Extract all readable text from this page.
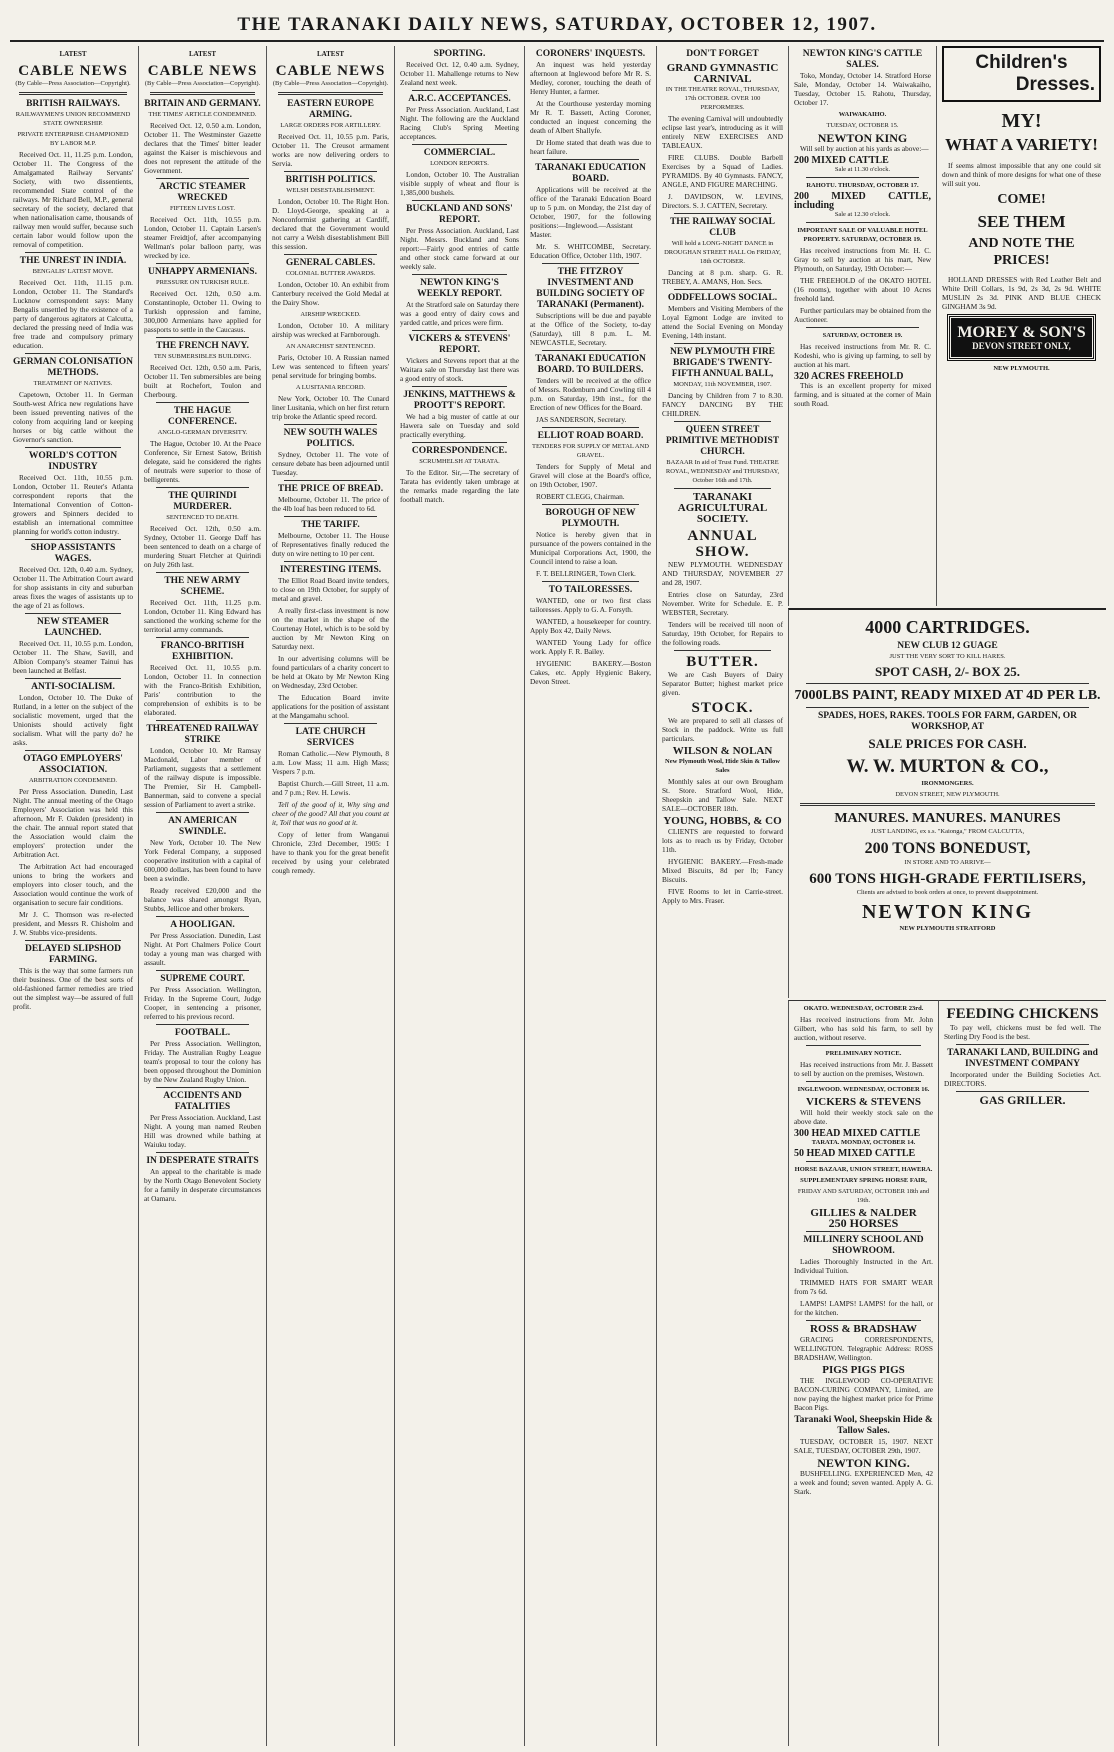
THE TARANAKI DAILY NEWS, SATURDAY, OCTOBER 12, 1907.
LATEST
CABLE NEWS
(By Cable—Press Association—Copyright).
BRITISH RAILWAYS.
RAILWAYMEN'S UNION RECOMMEND STATE OWNERSHIP.
PRIVATE ENTERPRISE CHAMPIONED BY LABOR M.P.

Received Oct. 11, 11.25 p.m. London, October 11. The Congress of the Amalgamated Railway Servants' Society, with two dissentients, recommended State control of the railways. Mr Richard Bell, M.P., general secretary of the society, declared that when nationalisation came, thousands of railway men would suffer, because such certain labor would follow upon the removal of competition.

THE UNREST IN INDIA.
BENGALIS' LATEST MOVE.

Received Oct. 11th, 11.15 p.m. London, October 11. The Standard's Lucknow correspondent says: Many Bengalis unsettled by the existence of a party of dangerous agitators at Calcutta, declared the pressing need of India was free trade and compulsory primary education.

GERMAN COLONISATION METHODS.
TREATMENT OF NATIVES.

Capetown, October 11. In German South-west Africa new regulations have been issued preventing natives of the colony from acquiring land or keeping horses or big cattle without the Governor's sanction.

WORLD'S COTTON INDUSTRY

Received Oct. 11th, 10.55 p.m. London, October 11. Reuter's Atlanta correspondent reports that the International Convention of Cotton-growers and Spinners decided to establish an international committee planning for world's cotton industry.

SHOP ASSISTANTS WAGES.

Received Oct. 12th, 0.40 a.m. Sydney, October 11. The Arbitration Court award for shop assistants in city and suburban areas fixes the wages of assistants up to the age of 21 as follows.

NEW STEAMER LAUNCHED.

Received Oct. 11, 10.55 p.m. London, October 11. The Shaw, Savill, and Albion Company's steamer Tainui has been launched at Belfast.

ANTI-SOCIALISM.

London, October 10. The Duke of Rutland, in a letter on the subject of the socialistic movement, urged that the Unionists should actively fight socialism. What will the party do? he asks.

OTAGO EMPLOYERS' ASSOCIATION.
ARBITRATION CONDEMNED.

Per Press Association. Dunedin, Last Night. The annual meeting of the Otago Employers' Association was held this afternoon, Mr F. Oakden (president) in the chair. The annual report stated that the Association would claim the employers' protection under the Arbitration Act.

The Arbitration Act had encouraged unions to bring the workers and employers into closer touch, and the Association would continue the work of organisation to secure fair conditions.

Mr J. C. Thomson was re-elected president, and Messrs R. Chisholm and J. W. Stubbs vice-presidents.

DELAYED SLIPSHOD FARMING.

This is the way that some farmers run their business. One of the best sorts of old-fashioned farmer remedies are tried out the simplest way—be assured of full profit.

LATEST
CABLE NEWS
(By Cable—Press Association—Copyright).
BRITAIN AND GERMANY.
THE TIMES' ARTICLE CONDEMNED.

Received Oct. 12, 0.50 a.m. London, October 11. The Westminster Gazette declares that the Times' bitter leader against the Kaiser is mischievous and does not represent the attitude of the Government.

ARCTIC STEAMER WRECKED
FIFTEEN LIVES LOST.

Received Oct. 11th, 10.55 p.m. London, October 11. Captain Larsen's steamer Freidtjof, after accompanying Wellman's polar balloon party, was wrecked by ice.

UNHAPPY ARMENIANS.
PRESSURE ON TURKISH RULE.

Received Oct. 12th, 0.50 a.m. Constantinople, October 11. Owing to Turkish oppression and famine, 300,000 Armenians have applied for passports to settle in the Caucasus.

THE FRENCH NAVY.
TEN SUBMERSIBLES BUILDING.

Received Oct. 12th, 0.50 a.m. Paris, October 11. Ten submersibles are being built at Rochefort, Toulon and Cherbourg.

THE HAGUE CONFERENCE.
ANGLO-GERMAN DIVERSITY.

The Hague, October 10. At the Peace Conference, Sir Ernest Satow, British delegate, said he considered the rights of neutrals were superior to those of belligerents.

THE QUIRINDI MURDERER.
SENTENCED TO DEATH.

Received Oct. 12th, 0.50 a.m. Sydney, October 11. George Daff has been sentenced to death on a charge of murdering Stuart Fletcher at Quirindi on July 26th last.

THE NEW ARMY SCHEME.

Received Oct. 11th, 11.25 p.m. London, October 11. King Edward has sanctioned the working scheme for the territorial army commands.

FRANCO-BRITISH EXHIBITION.

Received Oct. 11, 10.55 p.m. London, October 11. In connection with the Franco-British Exhibition, Paris' contribution to the comprehension of exhibits is to be elaborated.

THREATENED RAILWAY STRIKE

London, October 10. Mr Ramsay Macdonald, Labor member of Parliament, suggests that a settlement of the railway dispute is impossible. The Premier, Sir H. Campbell-Bannerman, said to convene a special session of Parliament to avert a strike.

AN AMERICAN SWINDLE.

New York, October 10. The New York Federal Company, a supposed cooperative institution with a capital of 600,000 dollars, has been found to have been a swindle.

Ready received £20,000 and the balance was shared amongst Ryan, Stubbs, Jellicoe and other brokers.

A HOOLIGAN.

Per Press Association. Dunedin, Last Night. At Port Chalmers Police Court today a young man was charged with assault.

SUPREME COURT.

Per Press Association. Wellington, Friday. In the Supreme Court, Judge Cooper, in sentencing a prisoner, referred to his previous record.

FOOTBALL.

Per Press Association. Wellington, Friday. The Australian Rugby League team's proposal to tour the colony has been opposed throughout the Dominion by the New Zealand Rugby Union.

ACCIDENTS AND FATALITIES

Per Press Association. Auckland, Last Night. A young man named Reuben Hill was drowned while bathing at Waiuku today.

IN DESPERATE STRAITS

An appeal to the charitable is made by the North Otago Benevolent Society for a family in desperate circumstances at Oamaru.

LATEST
CABLE NEWS
(By Cable—Press Association—Copyright).
EASTERN EUROPE ARMING.
LARGE ORDERS FOR ARTILLERY.

Received Oct. 11, 10.55 p.m. Paris, October 11. The Creusot armament works are now delivering orders to Servia.

BRITISH POLITICS.
WELSH DISESTABLISHMENT.

London, October 10. The Right Hon. D. Lloyd-George, speaking at a Nonconformist gathering at Cardiff, declared that the Government would not carry a Welsh disestablishment Bill this session.

GENERAL CABLES.
COLONIAL BUTTER AWARDS.

London, October 10. An exhibit from Canterbury received the Gold Medal at the Dairy Show.

AIRSHIP WRECKED.

London, October 10. A military airship was wrecked at Farnborough.

AN ANARCHIST SENTENCED.

Paris, October 10. A Russian named Lew was sentenced to fifteen years' penal servitude for bringing bombs.

A LUSITANIA RECORD.

New York, October 10. The Cunard liner Lusitania, which on her first return trip broke the Atlantic speed record.

NEW SOUTH WALES POLITICS.

Sydney, October 11. The vote of censure debate has been adjourned until Tuesday.

THE PRICE OF BREAD.

Melbourne, October 11. The price of the 4lb loaf has been reduced to 6d.

THE TARIFF.

Melbourne, October 11. The House of Representatives finally reduced the duty on wire netting to 10 per cent.

INTERESTING ITEMS.

The Elliot Road Board invite tenders, to close on 19th October, for supply of metal and gravel.

A really first-class investment is now on the market in the shape of the Courtenay Hotel, which is to be sold by auction by Mr Newton King on Saturday next.

In our advertising columns will be found particulars of a charity concert to be held at Okato by Mr Newton King on Wednesday, 23rd October.

The Education Board invite applications for the position of assistant at the Mangamahu school.

LATE CHURCH SERVICES

Roman Catholic.—New Plymouth, 8 a.m. Low Mass; 11 a.m. High Mass; Vespers 7 p.m.

Baptist Church.—Gill Street, 11 a.m. and 7 p.m.; Rev. H. Lewis.

Tell of the good of it, Why sing and cheer of the good? All that you count at it, Toil that was no good at it.

Copy of letter from Wanganui Chronicle, 23rd December, 1905: I have to thank you for the great benefit received by using your celebrated cough remedy.

SPORTING.

Received Oct. 12, 0.40 a.m. Sydney, October 11. Mahallenge returns to New Zealand next week.

A.R.C. ACCEPTANCES.

Per Press Association. Auckland, Last Night. The following are the Auckland Racing Club's Spring Meeting acceptances.

COMMERCIAL.
LONDON REPORTS.

London, October 10. The Australian visible supply of wheat and flour is 1,385,000 bushels.

BUCKLAND AND SONS' REPORT.

Per Press Association. Auckland, Last Night. Messrs. Buckland and Sons report:—Fairly good entries of cattle and other stock came forward at our weekly sale.

NEWTON KING'S WEEKLY REPORT.

At the Stratford sale on Saturday there was a good entry of dairy cows and yarded cattle, and prices were firm.

VICKERS & STEVENS' REPORT.

Vickers and Stevens report that at the Waitara sale on Thursday last there was a good entry of stock.

JENKINS, MATTHEWS & PROOTT'S REPORT.

We had a big muster of cattle at our Hawera sale on Tuesday and sold practically everything.

CORRESPONDENCE.
SCRUMHELSH AT TARATA.

To the Editor. Sir,—The secretary of Tarata has evidently taken umbrage at the remarks made regarding the late football match.

CORONERS' INQUESTS.

An inquest was held yesterday afternoon at Inglewood before Mr R. S. Medley, coroner, touching the death of Henry Hunter, a farmer.

At the Courthouse yesterday morning Mr R. T. Bassett, Acting Coroner, conducted an inquest concerning the death of Albert Shallyfe.

Dr Home stated that death was due to heart failure.

TARANAKI EDUCATION BOARD.

Applications will be received at the office of the Taranaki Education Board up to 5 p.m. on Monday, the 21st day of October, 1907, for the following positions:—Inglewood.—Assistant Master.

Mr. S. WHITCOMBE, Secretary. Education Office, October 11th, 1907.

THE FITZROY INVESTMENT AND BUILDING SOCIETY OF TARANAKI (Permanent).

Subscriptions will be due and payable at the Office of the Society, to-day (Saturday), till 8 p.m. L. M. NEWCASTLE, Secretary.

TARANAKI EDUCATION BOARD. TO BUILDERS.

Tenders will be received at the office of Messrs. Rodenburn and Cowling till 4 p.m. on Saturday, 19th inst., for the Erection of new Offices for the Board.

JAS SANDERSON, Secretary.

ELLIOT ROAD BOARD.
TENDERS FOR SUPPLY OF METAL AND GRAVEL.

Tenders for Supply of Metal and Gravel will close at the Board's office, on 19th October, 1907.

ROBERT CLEGG, Chairman.

BOROUGH OF NEW PLYMOUTH.

Notice is hereby given that in pursuance of the powers contained in the Municipal Corporations Act, 1900, the Council intend to raise a loan.

F. T. BELLRINGER, Town Clerk.

TO TAILORESSES.

WANTED, one or two first class tailoresses. Apply to G. A. Forsyth.

WANTED, a housekeeper for country. Apply Box 42, Daily News.

WANTED Young Lady for office work. Apply F. R. Bailey.

HYGIENIC BAKERY.—Boston Cakes, etc. Apply Hygienic Bakery, Devon Street.

DON'T FORGET
GRAND GYMNASTIC CARNIVAL
IN THE THEATRE ROYAL, THURSDAY, 17th OCTOBER. OVER 100 PERFORMERS.

The evening Carnival will undoubtedly eclipse last year's, introducing as it will entirely NEW EXERCISES AND TABLEAUX.

FIRE CLUBS. Double Barbell Exercises by a Squad of Ladies. PYRAMIDS. By 40 Gymnasts. FANCY, ANGLE, AND FIGURE MARCHING.

J. DAVIDSON, W. LEVINS, Directors. S. J. CATTEN, Secretary.

THE RAILWAY SOCIAL CLUB
Will hold a LONG-NIGHT DANCE in DROUGHAN STREET HALL On FRIDAY, 18th OCTOBER.

Dancing at 8 p.m. sharp. G. R. TREBEY, A. AMANS, Hon. Secs.

ODDFELLOWS SOCIAL.

Members and Visiting Members of the Loyal Egmont Lodge are invited to attend the Social Evening on Monday Evening, 14th instant.

NEW PLYMOUTH FIRE BRIGADE'S TWENTY-FIFTH ANNUAL BALL,
MONDAY, 11th NOVEMBER, 1907.

Dancing by Children from 7 to 8.30. FANCY DANCING BY THE CHILDREN.

QUEEN STREET PRIMITIVE METHODIST CHURCH.
BAZAAR In aid of Trust Fund. THEATRE ROYAL, WEDNESDAY and THURSDAY, October 16th and 17th.
TARANAKI AGRICULTURAL SOCIETY.
ANNUAL SHOW.

NEW PLYMOUTH. WEDNESDAY AND THURSDAY, NOVEMBER 27 and 28, 1907.

Entries close on Saturday, 23rd November. Write for Schedule. E. P. WEBSTER, Secretary.

Tenders will be received till noon of Saturday, 19th October, for Repairs to the following roads.

BUTTER.

We are Cash Buyers of Dairy Separator Butter; highest market price given.

STOCK.

We are prepared to sell all classes of Stock in the paddock. Write us full particulars.

WILSON & NOLAN
New Plymouth Wool, Hide Skin & Tallow Sales

Monthly sales at our own Brougham St. Store. Stratford Wool, Hide, Sheepskin and Tallow Sale. NEXT SALE—OCTOBER 18th.

YOUNG, HOBBS, & CO

CLIENTS are requested to forward lots as to reach us by Friday, October 11th.

HYGIENIC BAKERY.—Fresh-made Mixed Biscuits, 8d per lb; Fancy Biscuits.

FIVE Rooms to let in Carrie-street. Apply to Mrs. Fraser.

NEWTON KING'S CATTLE SALES.

Toko, Monday, October 14. Stratford Horse Sale, Monday, October 14. Waiwakaiho, Tuesday, October 15. Rahotu, Thursday, October 17.

WAIWAKAIHO.
TUESDAY, OCTOBER 15.
NEWTON KING

Will sell by auction at his yards as above:—

200 MIXED CATTLE
Sale at 11.30 o'clock.
RAHOTU. THURSDAY, OCTOBER 17.
200 MIXED CATTLE, including
Sale at 12.30 o'clock.
IMPORTANT SALE OF VALUABLE HOTEL PROPERTY. SATURDAY, OCTOBER 19.

Has received instructions from Mr. H. C. Gray to sell by auction at his mart, New Plymouth, on Saturday, 19th October:—

THE FREEHOLD of the OKATO HOTEL (16 rooms), together with about 10 Acres freehold land.

Further particulars may be obtained from the Auctioneer.

SATURDAY, OCTOBER 19.

Has received instructions from Mr. R. C. Kodeshi, who is giving up farming, to sell by auction at his mart.

320 ACRES FREEHOLD

This is an excellent property for mixed farming, and is situated at the corner of Main south Road.

Children's
Dresses.
MY!
WHAT A VARIETY!

If seems almost impossible that any one could sit down and think of more designs for what one of these will suit you.

COME!
SEE THEM
AND NOTE THE PRICES!

HOLLAND DRESSES with Red Leather Belt and White Drill Collars, 1s 9d, 2s 3d, 2s 9d. WHITE MUSLIN 2s 3d. PINK AND BLUE CHECK GINGHAM 3s 9d.

MOREY & SON'S
DEVON STREET ONLY,
NEW PLYMOUTH.
4000 CARTRIDGES.
NEW CLUB 12 GUAGE
JUST THE VERY SORT TO KILL HARES.
SPOT CASH, 2/- BOX 25.
7000LBS PAINT, READY MIXED AT 4D PER LB.
SPADES, HOES, RAKES. TOOLS FOR FARM, GARDEN, OR WORKSHOP, AT
SALE PRICES FOR CASH.
W. W. MURTON & CO.,
IRONMONGERS.
DEVON STREET, NEW PLYMOUTH.
MANURES. MANURES. MANURES
JUST LANDING, ex s.s. "Kaionga," FROM CALCUTTA,
200 TONS BONEDUST,
IN STORE AND TO ARRIVE—
600 TONS HIGH-GRADE FERTILISERS,
Clients are advised to book orders at once, to prevent disappointment.
NEWTON KING
NEW PLYMOUTH STRATFORD
OKATO. WEDNESDAY, OCTOBER 23rd.

Has received instructions from Mr. John Gilbert, who has sold his farm, to sell by auction, without reserve.

PRELIMINARY NOTICE.

Has received instructions from Mr. J. Bassett to sell by auction on the premises, Westown.

INGLEWOOD. WEDNESDAY, OCTOBER 16.
VICKERS & STEVENS

Will hold their weekly stock sale on the above date.

300 HEAD MIXED CATTLE
TARATA. MONDAY, OCTOBER 14.
50 HEAD MIXED CATTLE
HORSE BAZAAR, UNION STREET, HAWERA.
SUPPLEMENTARY SPRING HORSE FAIR,
FRIDAY AND SATURDAY, OCTOBER 18th and 19th.
GILLIES & NALDER
250 HORSES
MILLINERY SCHOOL AND SHOWROOM.

Ladies Thoroughly Instructed in the Art. Individual Tuition.

TRIMMED HATS FOR SMART WEAR from 7s 6d.

LAMPS! LAMPS! LAMPS! for the hall, or for the kitchen.

ROSS & BRADSHAW

GRACING CORRESPONDENTS, WELLINGTON. Telegraphic Address: ROSS BRADSHAW, Wellington.

PIGS PIGS PIGS

THE INGLEWOOD CO-OPERATIVE BACON-CURING COMPANY, Limited, are now paying the highest market price for Prime Bacon Pigs.

Taranaki Wool, Sheepskin Hide & Tallow Sales.

TUESDAY, OCTOBER 15, 1907. NEXT SALE, TUESDAY, OCTOBER 29th, 1907.

NEWTON KING.

BUSHFELLING. EXPERIENCED Men, 42 a week and found; seven wanted. Apply A. G. Stark.

FEEDING CHICKENS

To pay well, chickens must be fed well. The Sterling Dry Food is the best.

TARANAKI LAND, BUILDING and INVESTMENT COMPANY

Incorporated under the Building Societies Act. DIRECTORS.

GAS GRILLER.
